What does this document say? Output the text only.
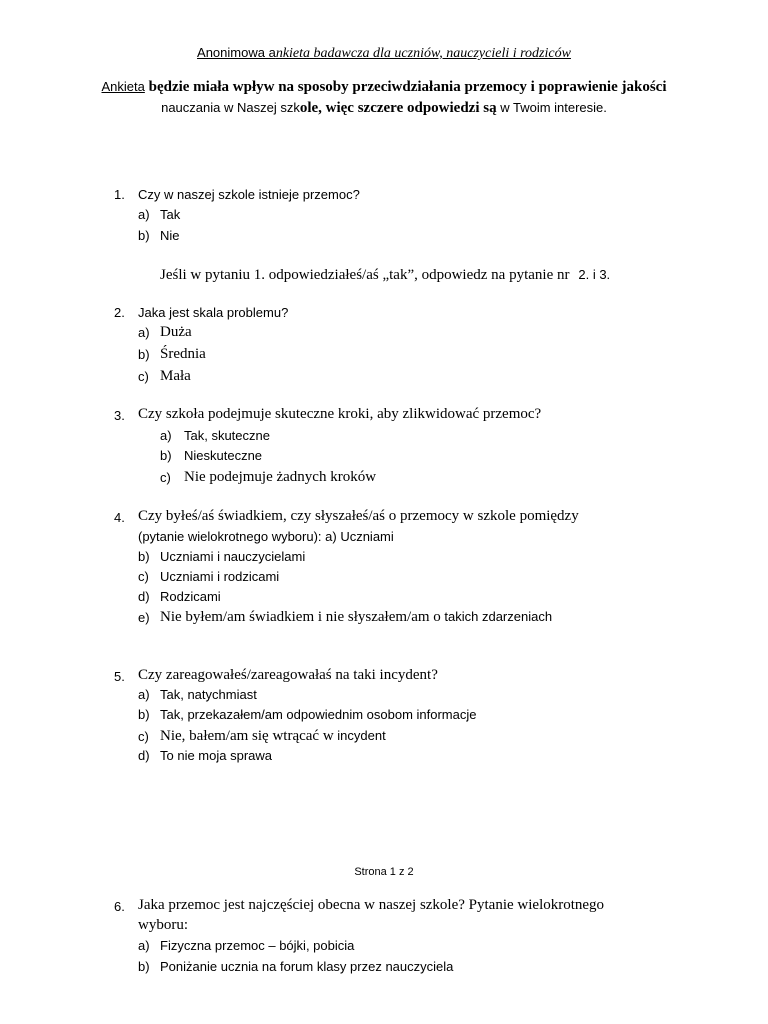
Anonimowa ankieta badawcza dla uczniów, nauczycieli i rodziców
Ankieta będzie miała wpływ na sposoby przeciwdziałania przemocy i poprawienie jakości
nauczania w Naszej szkole, więc szczere odpowiedzi są w Twoim interesie.
1. Czy w naszej szkole istnieje przemoc?
a) Tak
b) Nie
Jeśli w pytaniu 1. odpowiedziałeś/aś „tak”, odpowiedz na pytanie nr 2. i 3.
2. Jaka jest skala problemu?
a) Duża
b) Średnia
c) Mała
3. Czy szkoła podejmuje skuteczne kroki, aby zlikwidować przemoc?
a) Tak, skuteczne
b) Nieskuteczne
c) Nie podejmuje żadnych kroków
4. Czy byłeś/aś świadkiem, czy słyszałeś/aś o przemocy w szkole pomiędzy
(pytanie wielokrotnego wyboru): a) Uczniami
b) Uczniami i nauczycielami
c) Uczniami i rodzicami
d) Rodzicami
e) Nie byłem/am świadkiem i nie słyszałem/am o takich zdarzeniach
5. Czy zareagowałeś/zareagowałaś na taki incydent?
a) Tak, natychmiast
b) Tak, przekazałem/am odpowiednim osobom informacje
c) Nie, bałem/am się wtrącać w incydent
d) To nie moja sprawa
Strona 1 z 2
6. Jaka przemoc jest najczęściej obecna w naszej szkole? Pytanie wielokrotnego
wyboru:
a) Fizyczna przemoc – bójki, pobicia
b) Poniżanie ucznia na forum klasy przez nauczyciela
